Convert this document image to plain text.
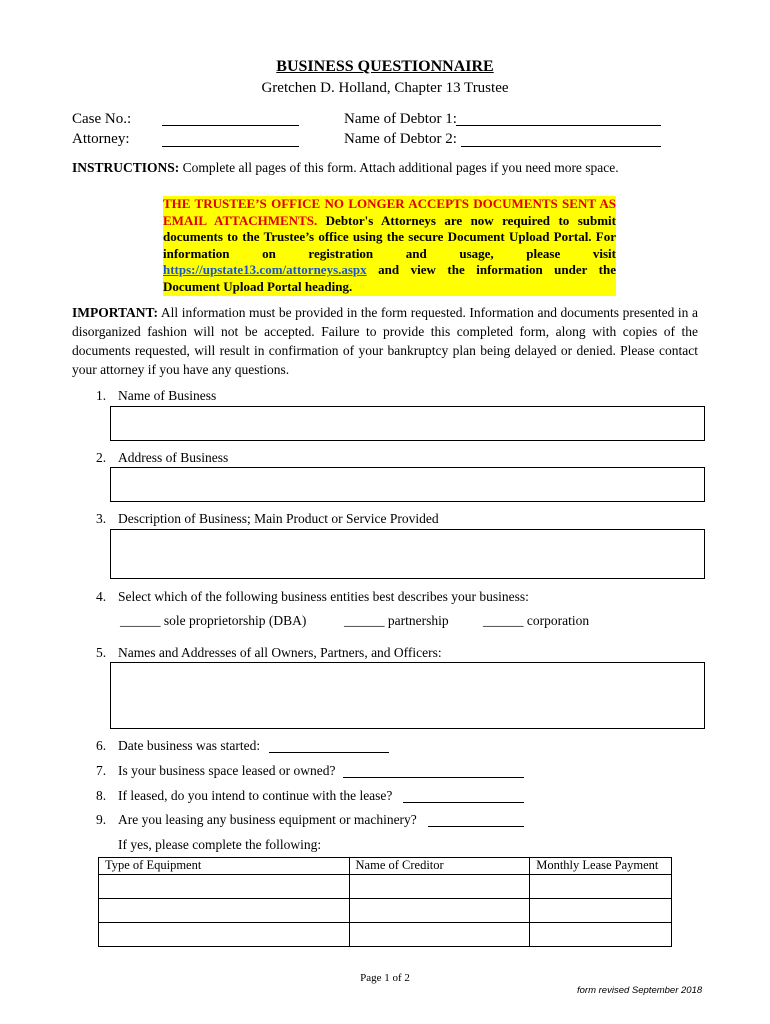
BUSINESS QUESTIONNAIRE
Gretchen D. Holland, Chapter 13 Trustee
Case No.:
Attorney:
Name of Debtor 1:
Name of Debtor 2:
INSTRUCTIONS: Complete all pages of this form. Attach additional pages if you need more space.
THE TRUSTEE’S OFFICE NO LONGER ACCEPTS DOCUMENTS SENT AS EMAIL ATTACHMENTS. Debtor's Attorneys are now required to submit documents to the Trustee’s office using the secure Document Upload Portal. For information on registration and usage, please visit https://upstate13.com/attorneys.aspx and view the information under the Document Upload Portal heading.
IMPORTANT: All information must be provided in the form requested. Information and documents presented in a disorganized fashion will not be accepted. Failure to provide this completed form, along with copies of the documents requested, will result in confirmation of your bankruptcy plan being delayed or denied. Please contact your attorney if you have any questions.
1. Name of Business
2. Address of Business
3. Description of Business; Main Product or Service Provided
4. Select which of the following business entities best describes your business:
______ sole proprietorship (DBA)	______ partnership	______ corporation
5. Names and Addresses of all Owners, Partners, and Officers:
6. Date business was started:
7. Is your business space leased or owned?
8. If leased, do you intend to continue with the lease?
9. Are you leasing any business equipment or machinery?
If yes, please complete the following:
Type of Equipment	Name of Creditor	Monthly Lease Payment

Page 1 of 2
form revised September 2018
